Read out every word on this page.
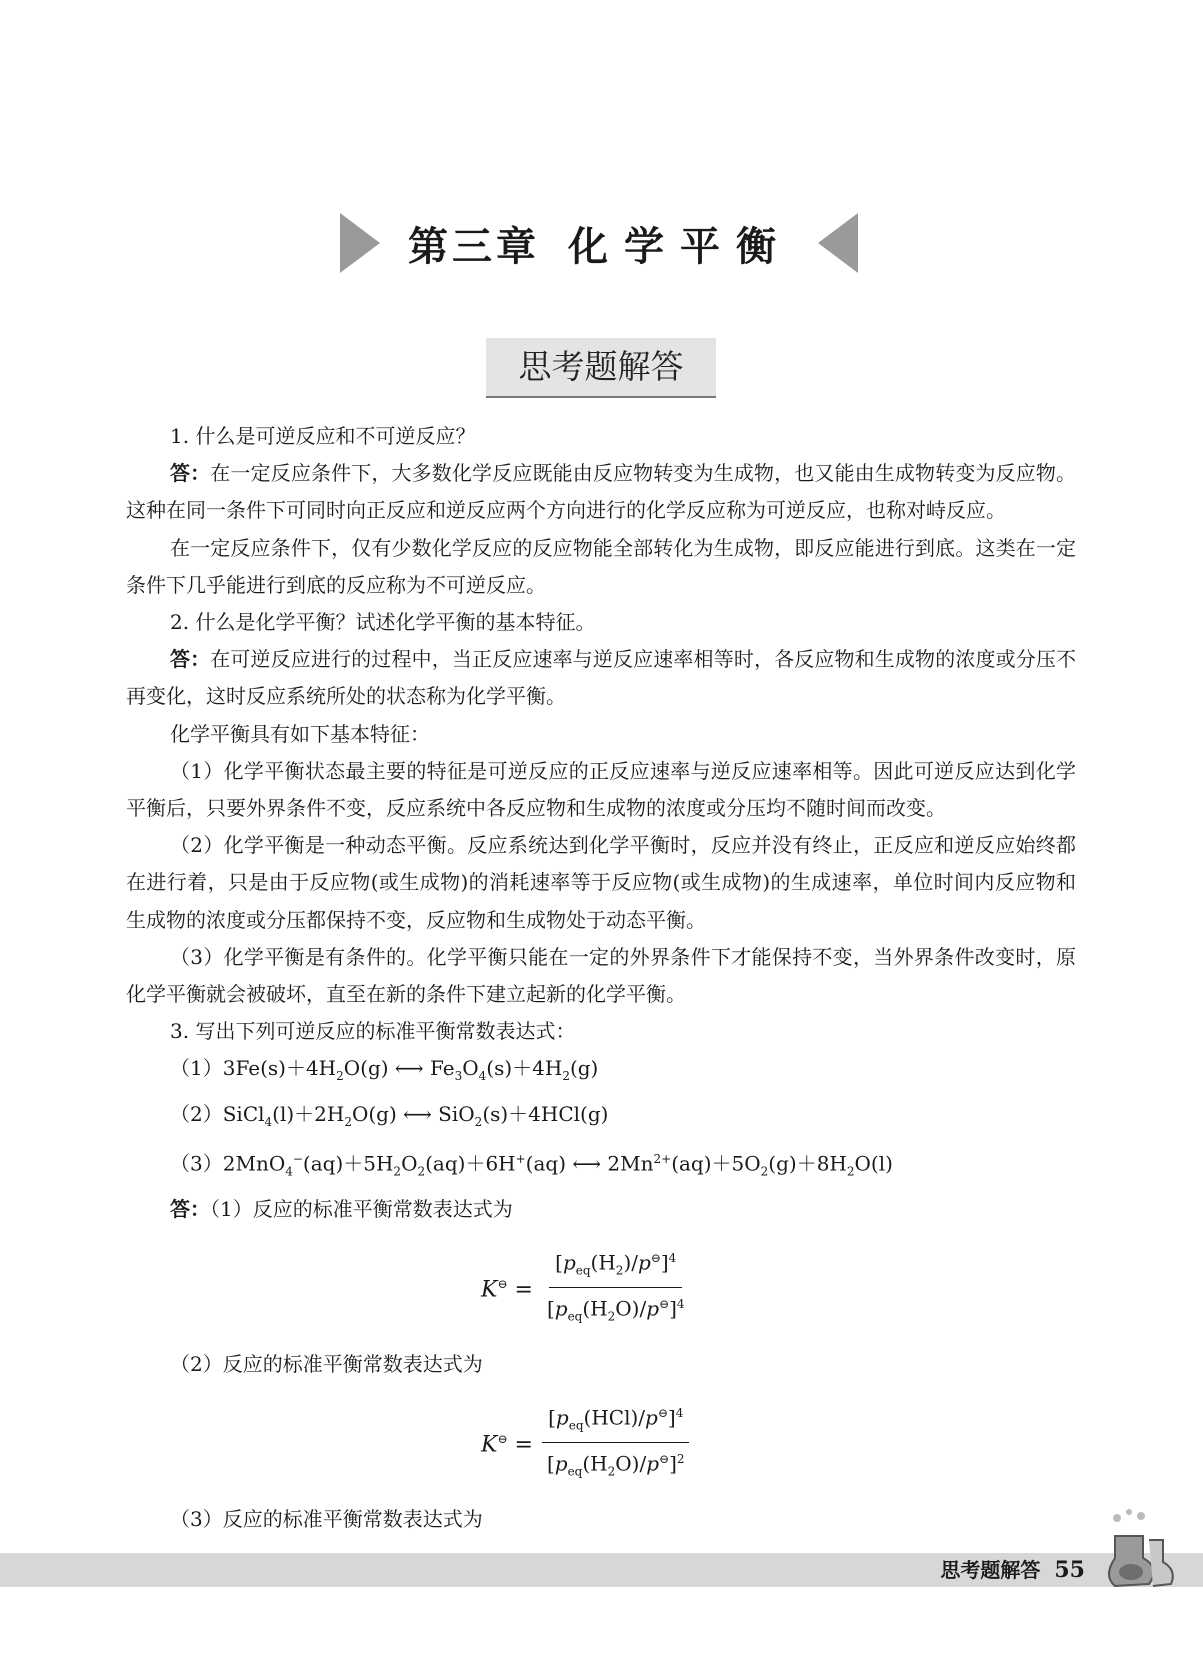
第三章 化学平衡
思考题解答

1. 什么是可逆反应和不可逆反应？

答：在一定反应条件下，大多数化学反应既能由反应物转变为生成物，也又能由生成物转变为反应物。这种在同一条件下可同时向正反应和逆反应两个方向进行的化学反应称为可逆反应，也称对峙反应。

在一定反应条件下，仅有少数化学反应的反应物能全部转化为生成物，即反应能进行到底。这类在一定条件下几乎能进行到底的反应称为不可逆反应。

2. 什么是化学平衡？试述化学平衡的基本特征。

答：在可逆反应进行的过程中，当正反应速率与逆反应速率相等时，各反应物和生成物的浓度或分压不再变化，这时反应系统所处的状态称为化学平衡。

化学平衡具有如下基本特征：

（1）化学平衡状态最主要的特征是可逆反应的正反应速率与逆反应速率相等。因此可逆反应达到化学平衡后，只要外界条件不变，反应系统中各反应物和生成物的浓度或分压均不随时间而改变。

（2）化学平衡是一种动态平衡。反应系统达到化学平衡时，反应并没有终止，正反应和逆反应始终都在进行着，只是由于反应物(或生成物)的消耗速率等于反应物(或生成物)的生成速率，单位时间内反应物和生成物的浓度或分压都保持不变，反应物和生成物处于动态平衡。

（3）化学平衡是有条件的。化学平衡只能在一定的外界条件下才能保持不变，当外界条件改变时，原化学平衡就会被破坏，直至在新的条件下建立起新的化学平衡。

3. 写出下列可逆反应的标准平衡常数表达式：

$(1)3Fe(s)+4H_2O(g)$ ⟷ $Fe_3O_4(s)+4H_2(g)$

$(2)SiCl_4(l)+2H_2O(g)$ ⟷ SiO$_2$(s)＋4HCl(g)

$(3)2MnO_4^-(aq)+5H_2O_2(aq)+6H^+(aq)$ ⟷ $2Mn^{2+}(aq)+5O_2(g)+8H_2O(l)$

答：（1）反应的标准平衡常数表达式为

$K^⊖ = \frac{[p_{eq}(H_2)/p^⊖]^4}{[p_{eq}(H_2O)/p^⊖]^4}$

（2）反应的标准平衡常数表达式为

$K^⊖ = \frac{[p_{eq}(HCl)/p^⊖]^4}{[p_{eq}(H_2O)/p^⊖]^2}$

（3）反应的标准平衡常数表达式为

思考题解答 55
